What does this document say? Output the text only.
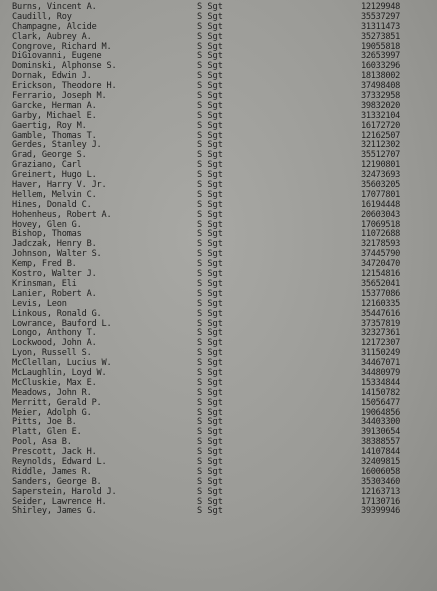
Burns, Vincent A.	S Sgt	12129948
Caudill, Roy	S Sgt	35537297
Champagne, Alcide	S Sgt	31311473
Clark, Aubrey A.	S Sgt	35273851
Congrove, Richard M.	S Sgt	19055818
DiGiovanni, Eugene	S Sgt	32653997
Dominski, Alphonse S.	S Sgt	16033296
Dornak, Edwin J.	S Sgt	18138002
Erickson, Theodore H.	S Sgt	37498408
Ferrario, Joseph M.	S Sgt	37332958
Garcke, Herman A.	S Sgt	39832020
Garby, Michael E.	S Sgt	31332104
Gaertig, Roy M.	S Sgt	16172720
Gamble, Thomas T.	S Sgt	12162507
Gerdes, Stanley J.	S Sgt	32112302
Grad, George S.	S Sgt	35512707
Graziano, Carl	S Sgt	12190801
Greinert, Hugo L.	S Sgt	32473693
Haver, Harry V. Jr.	S Sgt	35603205
Hellem, Melvin C.	S Sgt	17077801
Hines, Donald C.	S Sgt	16194448
Hohenheus, Robert A.	S Sgt	20603043
Hovey, Glen G.	S Sgt	17069518
Bishop, Thomas	S Sgt	11072688
Jadczak, Henry B.	S Sgt	32178593
Johnson, Walter S.	S Sgt	37445790
Kemp, Fred B.	S Sgt	34720470
Kostro, Walter J.	S Sgt	12154816
Krinsman, Eli	S Sgt	35652041
Lanier, Robert A.	S Sgt	15377086
Levis, Leon	S Sgt	12160335
Linkous, Ronald G.	S Sgt	35447616
Lowrance, Bauford L.	S Sgt	37357819
Longo, Anthony T.	S Sgt	32327361
Lockwood, John A.	S Sgt	12172307
Lyon, Russell S.	S Sgt	31150249
McClellan, Lucius W.	S Sgt	34467071
McLaughlin, Loyd W.	S Sgt	34480979
McCluskie, Max E.	S Sgt	15334844
Meadows, John R.	S Sgt	14150782
Merritt, Gerald P.	S Sgt	15056477
Meier, Adolph G.	S Sgt	19064856
Pitts, Joe B.	S Sgt	34403300
Platt, Glen E.	S Sgt	39130654
Pool, Asa B.	S Sgt	38388557
Prescott, Jack H.	S Sgt	14107844
Reynolds, Edward L.	S Sgt	32409815
Riddle, James R.	S Sgt	16006058
Sanders, George B.	S Sgt	35303460
Saperstein, Harold J.	S Sgt	12163713
Seider, Lawrence H.	S Sgt	17130716
Shirley, James G.	S Sgt	39399946
